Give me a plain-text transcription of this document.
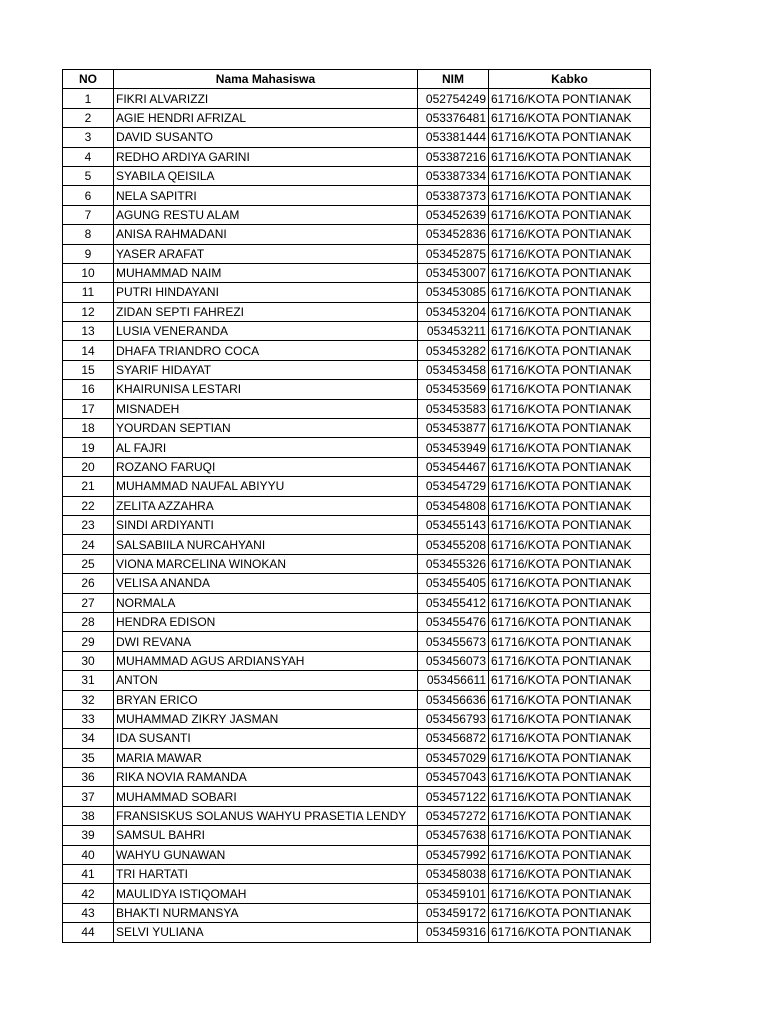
NO	Nama Mahasiswa	NIM	Kabko
1	FIKRI ALVARIZZI	052754249	61716/KOTA PONTIANAK
2	AGIE HENDRI AFRIZAL	053376481	61716/KOTA PONTIANAK
3	DAVID SUSANTO	053381444	61716/KOTA PONTIANAK
4	REDHO ARDIYA GARINI	053387216	61716/KOTA PONTIANAK
5	SYABILA QEISILA	053387334	61716/KOTA PONTIANAK
6	NELA SAPITRI	053387373	61716/KOTA PONTIANAK
7	AGUNG RESTU ALAM	053452639	61716/KOTA PONTIANAK
8	ANISA RAHMADANI	053452836	61716/KOTA PONTIANAK
9	YASER ARAFAT	053452875	61716/KOTA PONTIANAK
10	MUHAMMAD NAIM	053453007	61716/KOTA PONTIANAK
11	PUTRI HINDAYANI	053453085	61716/KOTA PONTIANAK
12	ZIDAN SEPTI FAHREZI	053453204	61716/KOTA PONTIANAK
13	LUSIA VENERANDA	053453211	61716/KOTA PONTIANAK
14	DHAFA TRIANDRO COCA	053453282	61716/KOTA PONTIANAK
15	SYARIF HIDAYAT	053453458	61716/KOTA PONTIANAK
16	KHAIRUNISA LESTARI	053453569	61716/KOTA PONTIANAK
17	MISNADEH	053453583	61716/KOTA PONTIANAK
18	YOURDAN SEPTIAN	053453877	61716/KOTA PONTIANAK
19	AL FAJRI	053453949	61716/KOTA PONTIANAK
20	ROZANO FARUQI	053454467	61716/KOTA PONTIANAK
21	MUHAMMAD NAUFAL ABIYYU	053454729	61716/KOTA PONTIANAK
22	ZELITA AZZAHRA	053454808	61716/KOTA PONTIANAK
23	SINDI ARDIYANTI	053455143	61716/KOTA PONTIANAK
24	SALSABIILA NURCAHYANI	053455208	61716/KOTA PONTIANAK
25	VIONA MARCELINA WINOKAN	053455326	61716/KOTA PONTIANAK
26	VELISA ANANDA	053455405	61716/KOTA PONTIANAK
27	NORMALA	053455412	61716/KOTA PONTIANAK
28	HENDRA EDISON	053455476	61716/KOTA PONTIANAK
29	DWI REVANA	053455673	61716/KOTA PONTIANAK
30	MUHAMMAD AGUS ARDIANSYAH	053456073	61716/KOTA PONTIANAK
31	ANTON	053456611	61716/KOTA PONTIANAK
32	BRYAN ERICO	053456636	61716/KOTA PONTIANAK
33	MUHAMMAD ZIKRY JASMAN	053456793	61716/KOTA PONTIANAK
34	IDA SUSANTI	053456872	61716/KOTA PONTIANAK
35	MARIA MAWAR	053457029	61716/KOTA PONTIANAK
36	RIKA NOVIA RAMANDA	053457043	61716/KOTA PONTIANAK
37	MUHAMMAD SOBARI	053457122	61716/KOTA PONTIANAK
38	FRANSISKUS SOLANUS WAHYU PRASETIA LENDY	053457272	61716/KOTA PONTIANAK
39	SAMSUL BAHRI	053457638	61716/KOTA PONTIANAK
40	WAHYU GUNAWAN	053457992	61716/KOTA PONTIANAK
41	TRI HARTATI	053458038	61716/KOTA PONTIANAK
42	MAULIDYA ISTIQOMAH	053459101	61716/KOTA PONTIANAK
43	BHAKTI NURMANSYA	053459172	61716/KOTA PONTIANAK
44	SELVI YULIANA	053459316	61716/KOTA PONTIANAK
